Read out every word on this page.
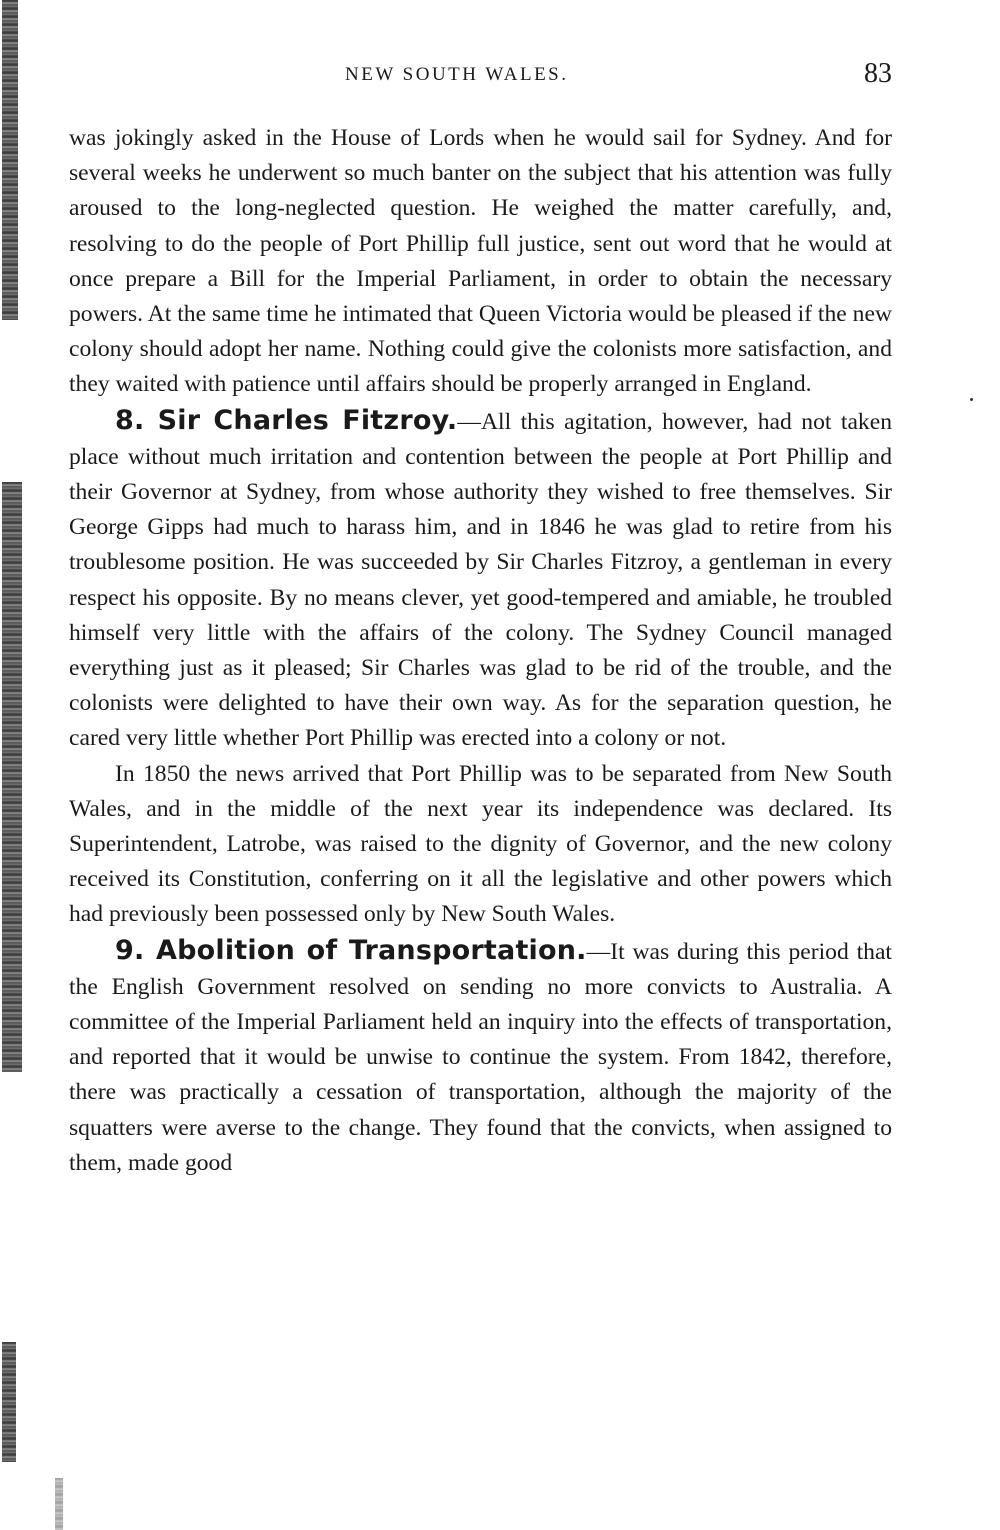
NEW SOUTH WALES.	83

was jokingly asked in the House of Lords when he would sail for Sydney. And for several weeks he underwent so much banter on the subject that his attention was fully aroused to the long-neglected question. He weighed the matter carefully, and, resolving to do the people of Port Phillip full justice, sent out word that he would at once prepare a Bill for the Imperial Parliament, in order to obtain the necessary powers. At the same time he intimated that Queen Victoria would be pleased if the new colony should adopt her name. Nothing could give the colonists more satisfaction, and they waited with patience until affairs should be properly arranged in England.

8. Sir Charles Fitzroy.—All this agitation, however, had not taken place without much irritation and contention between the people at Port Phillip and their Governor at Sydney, from whose authority they wished to free themselves. Sir George Gipps had much to harass him, and in 1846 he was glad to retire from his troublesome position. He was succeeded by Sir Charles Fitzroy, a gentleman in every respect his opposite. By no means clever, yet good-tempered and amiable, he troubled himself very little with the affairs of the colony. The Sydney Council managed everything just as it pleased; Sir Charles was glad to be rid of the trouble, and the colonists were delighted to have their own way. As for the separation question, he cared very little whether Port Phillip was erected into a colony or not.

In 1850 the news arrived that Port Phillip was to be separated from New South Wales, and in the middle of the next year its independence was declared. Its Superintendent, Latrobe, was raised to the dignity of Governor, and the new colony received its Constitution, conferring on it all the legislative and other powers which had previously been possessed only by New South Wales.

9. Abolition of Transportation.—It was during this period that the English Government resolved on sending no more convicts to Australia. A committee of the Imperial Parliament held an inquiry into the effects of transportation, and reported that it would be unwise to continue the system. From 1842, therefore, there was practically a cessation of transportation, although the majority of the squatters were averse to the change. They found that the convicts, when assigned to them, made good
